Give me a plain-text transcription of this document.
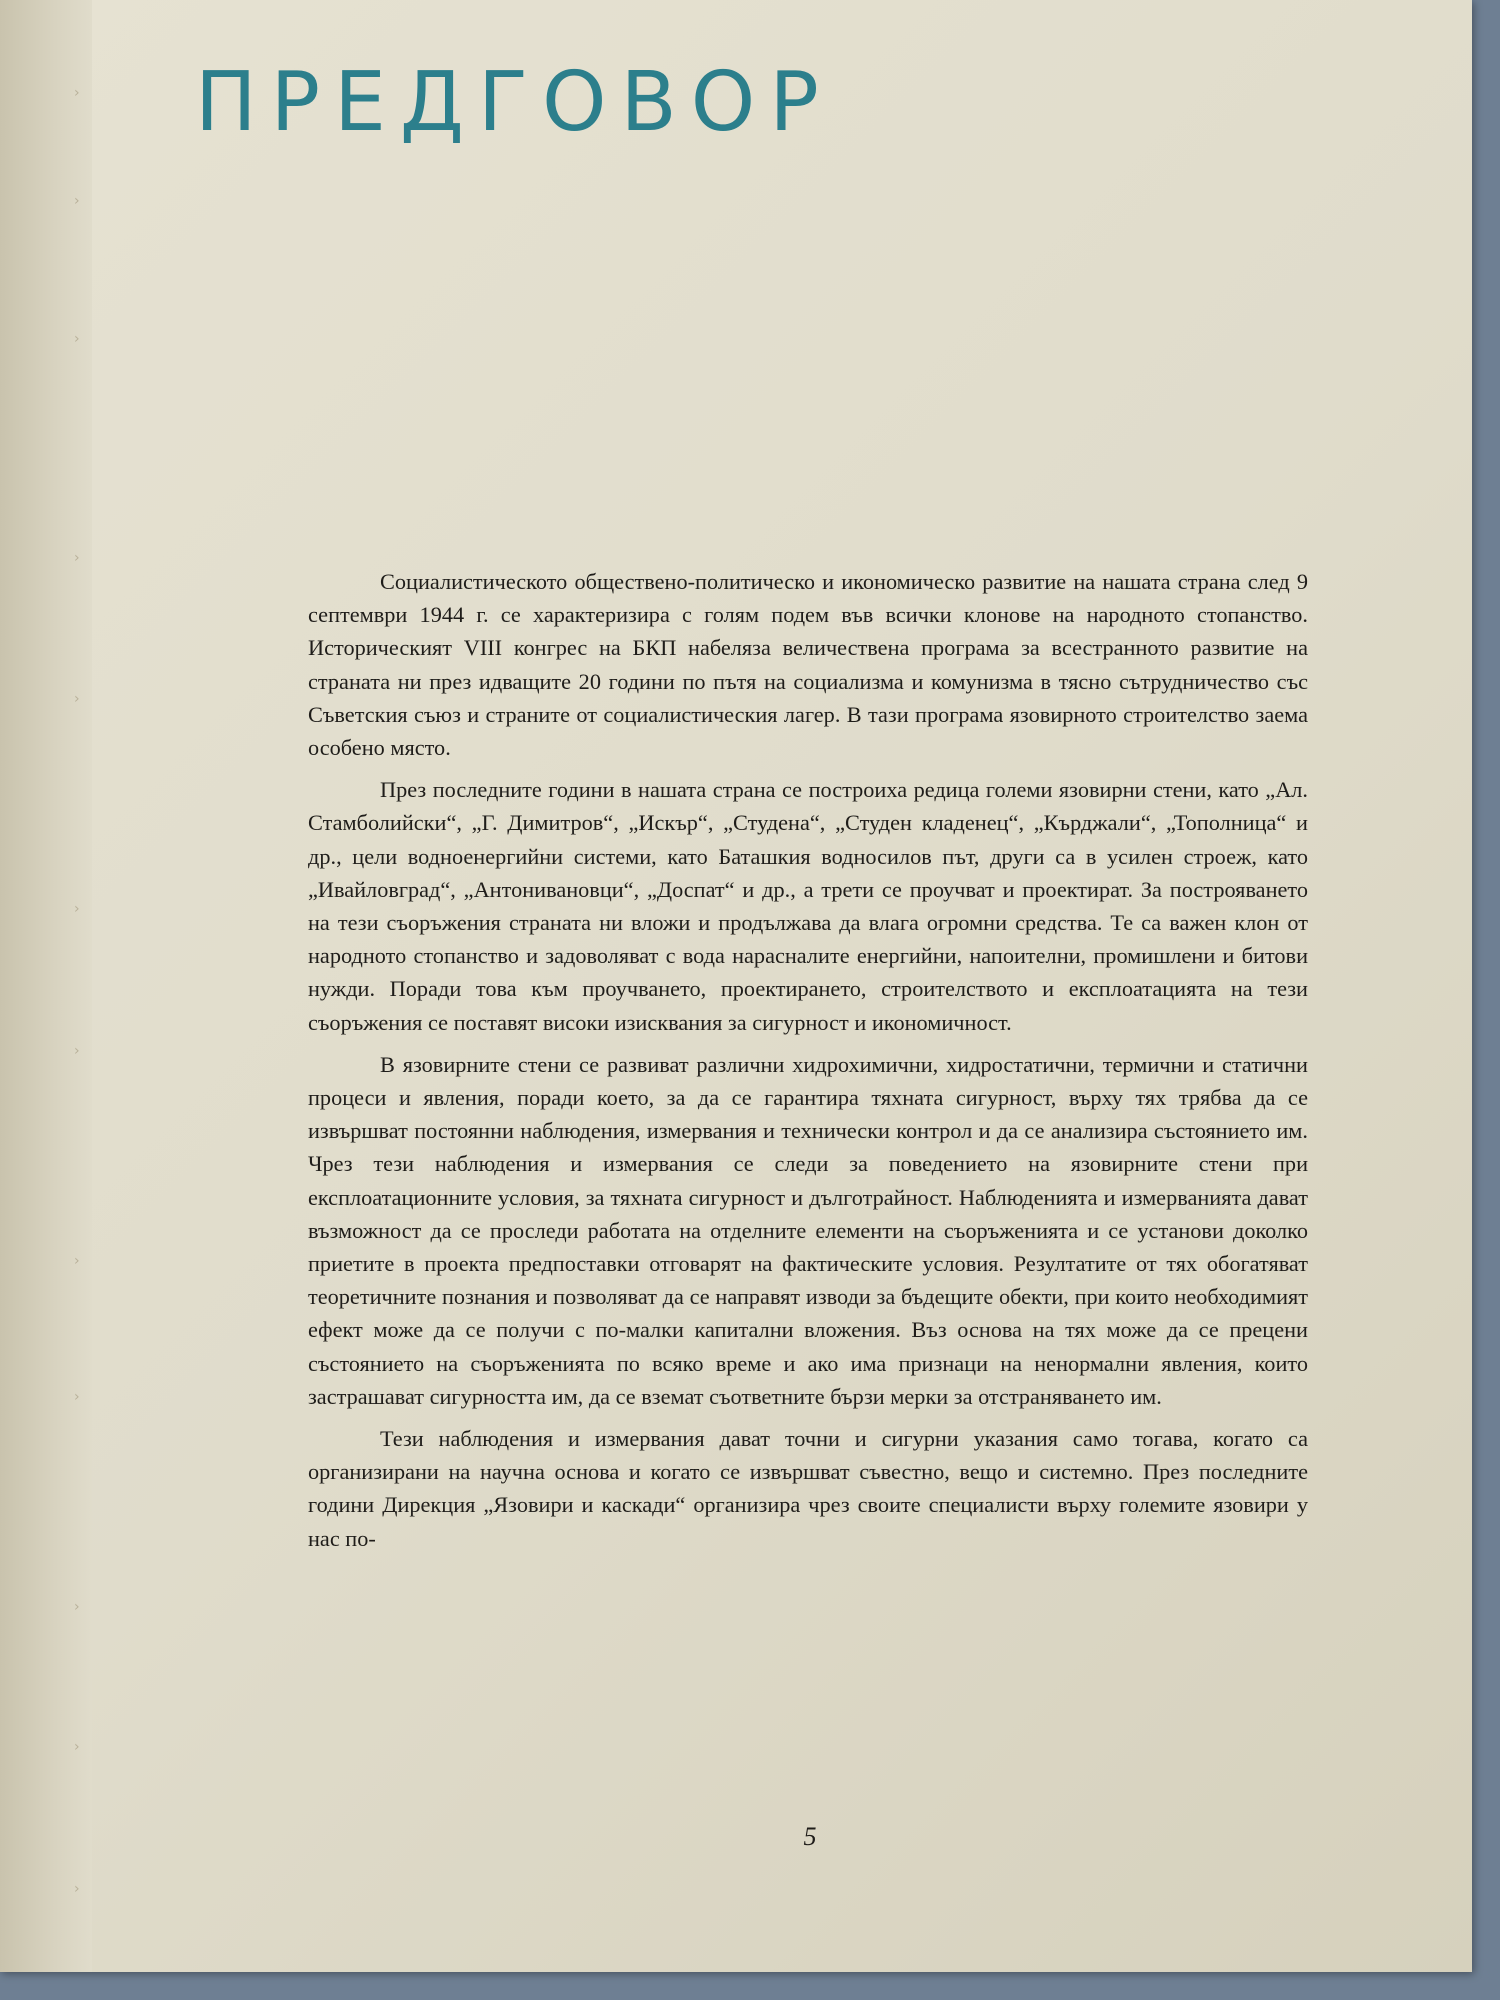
›
›
›
›
›
›
›
›
›
›
›
›
ПРЕДГОВОР

Социалистическото обществено-политическо и икономическо развитие на нашата страна след 9 септември 1944 г. се характеризира с голям подем във всички клонове на народното стопанство. Историческият VIII конгрес на БКП набеляза величествена програма за всестранното развитие на страната ни през идващите 20 години по пътя на социализма и комунизма в тясно сътрудничество със Съветския съюз и страните от социалистическия лагер. В тази програма язовирното строителство заема особено място.

През последните години в нашата страна се построиха редица големи язовирни стени, като „Ал. Стамболийски“, „Г. Димитров“, „Искър“, „Студена“, „Студен кладенец“, „Кърджали“, „Тополница“ и др., цели водноенергийни системи, като Баташкия водносилов път, други са в усилен строеж, като „Ивайловград“, „Антонивановци“, „Доспат“ и др., а трети се проучват и проектират. За построяването на тези съоръжения страната ни вложи и продължава да влага огромни средства. Те са важен клон от народното стопанство и задоволяват с вода нарасналите енергийни, напоителни, промишлени и битови нужди. Поради това към проучването, проектирането, строителството и експлоатацията на тези съоръжения се поставят високи изисквания за сигурност и икономичност.

В язовирните стени се развиват различни хидрохимични, хидростатични, термични и статични процеси и явления, поради което, за да се гарантира тяхната сигурност, върху тях трябва да се извършват постоянни наблюдения, измервания и технически контрол и да се анализира състоянието им. Чрез тези наблюдения и измервания се следи за поведението на язовирните стени при експлоатационните условия, за тяхната сигурност и дълготрайност. Наблюденията и измерванията дават възможност да се проследи работата на отделните елементи на съоръженията и се установи доколко приетите в проекта предпоставки отговарят на фактическите условия. Резултатите от тях обогатяват теоретичните познания и позволяват да се направят изводи за бъдещите обекти, при които необходимият ефект може да се получи с по-малки капитални вложения. Въз основа на тях може да се прецени състоянието на съоръженията по всяко време и ако има признаци на ненормални явления, които застрашават сигурността им, да се вземат съответните бързи мерки за отстраняването им.

Тези наблюдения и измервания дават точни и сигурни указания само тогава, когато са организирани на научна основа и когато се извършват съвестно, вещо и системно. През последните години Дирекция „Язовири и каскади“ организира чрез своите специалисти върху големите язовири у нас по-

5
